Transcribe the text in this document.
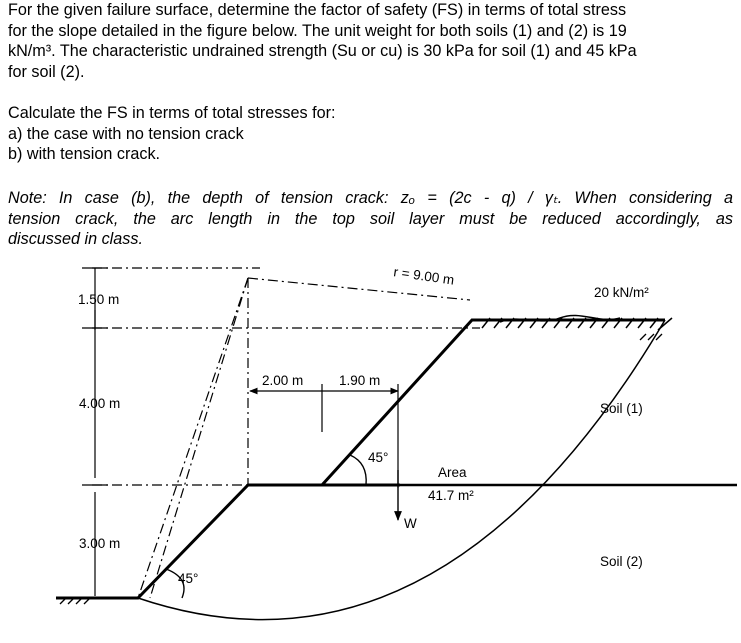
For the given failure surface, determine the factor of safety (FS) in terms of total stress
for the slope detailed in the figure below. The unit weight for both soils (1) and (2) is 19
kN/m³. The characteristic undrained strength (Su or cu) is 30 kPa for soil (1) and 45 kPa
for soil (2).
Calculate the FS in terms of total stresses for:
a) the case with no tension crack
b) with tension crack.
Note: In case (b), the depth of tension crack: zₒ = (2c - q) / γₜ. When considering a
tension crack, the arc length in the top soil layer must be reduced accordingly, as
discussed in class.
r = 9.00 m
20 kN/m²
1.50 m
4.00 m
3.00 m
2.00 m	1.90 m
45°
45°
Area
41.7 m²
W
Soil (1)
Soil (2)
